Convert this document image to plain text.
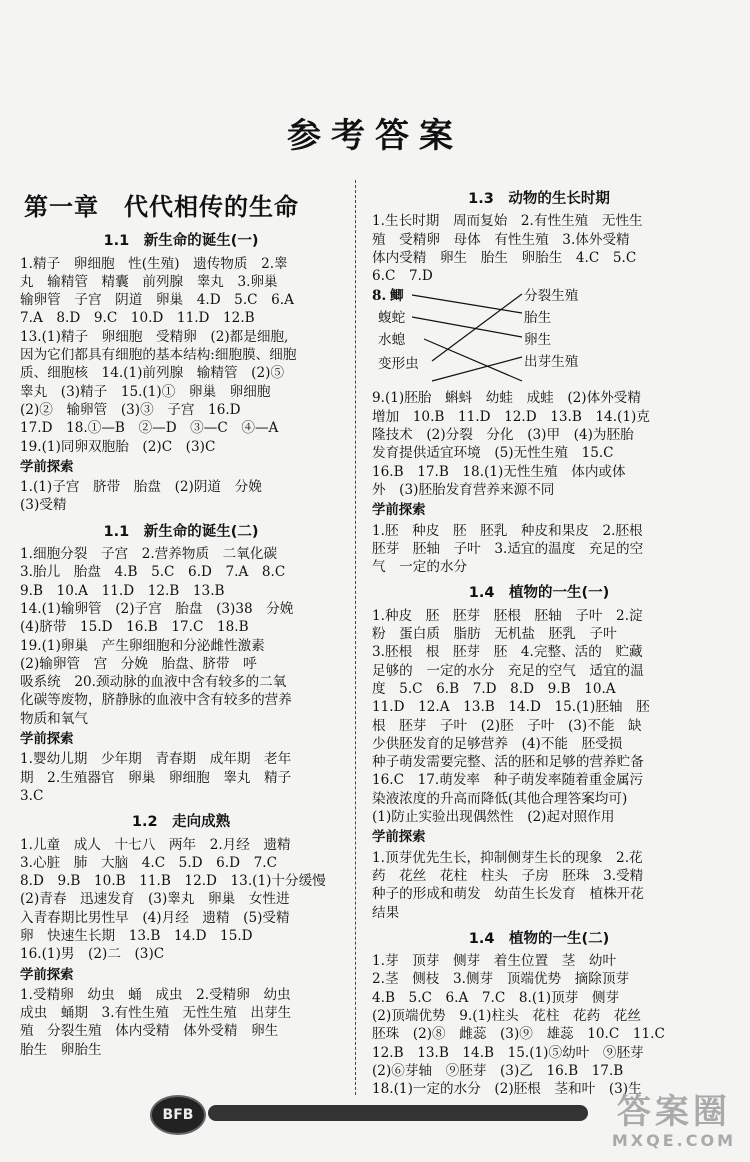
参考答案
第一章　代代相传的生命
1.1　新生命的诞生(一)
1.精子　卵细胞　性(生殖)　遗传物质　2.睾
丸　输精管　精囊　前列腺　睾丸　3.卵巢
输卵管　子宫　阴道　卵巢　4.D　5.C　6.A
7.A　8.D　9.C　10.D　11.D　12.B
13.(1)精子　卵细胞　受精卵　(2)都是细胞,
因为它们都具有细胞的基本结构:细胞膜、细胞
质、细胞核　14.(1)前列腺　输精管　(2)⑤
睾丸　(3)精子　15.(1)①　卵巢　卵细胞
(2)②　输卵管　(3)③　子宫　16.D
17.D　18.①—B　②—D　③—C　④—A
19.(1)同卵双胞胎　(2)C　(3)C
学前探索
1.(1)子宫　脐带　胎盘　(2)阴道　分娩
(3)受精
1.1　新生命的诞生(二)
1.细胞分裂　子宫　2.营养物质　二氧化碳
3.胎儿　胎盘　4.B　5.C　6.D　7.A　8.C
9.B　10.A　11.D　12.B　13.B
14.(1)输卵管　(2)子宫　胎盘　(3)38　分娩
(4)脐带　15.D　16.B　17.C　18.B
19.(1)卵巢　产生卵细胞和分泌雌性激素
(2)输卵管　宫　分娩　胎盘、脐带　呼
吸系统　20.颈动脉的血液中含有较多的二氧
化碳等废物，脐静脉的血液中含有较多的营养
物质和氧气
学前探索
1.婴幼儿期　少年期　青春期　成年期　老年
期　2.生殖器官　卵巢　卵细胞　睾丸　精子
3.C
1.2　走向成熟
1.儿童　成人　十七八　两年　2.月经　遗精
3.心脏　肺　大脑　4.C　5.D　6.D　7.C
8.D　9.B　10.B　11.B　12.D　13.(1)十分缓慢
(2)青春　迅速发育　(3)睾丸　卵巢　女性进
入青春期比男性早　(4)月经　遗精　(5)受精
卵　快速生长期　13.B　14.D　15.D
16.(1)男　(2)二　(3)C
学前探索
1.受精卵　幼虫　蛹　成虫　2.受精卵　幼虫
成虫　蛹期　3.有性生殖　无性生殖　出芽生
殖　分裂生殖　体内受精　体外受精　卵生
胎生　卵胎生
1.3　动物的生长时期
1.生长时期　周而复始　2.有性生殖　无性生
殖　受精卵　母体　有性生殖　3.体外受精
体内受精　卵生　胎生　卵胎生　4.C　5.C
6.C　7.D
8. 鲫
蝮蛇
水螅
变形虫
分裂生殖
胎生
卵生
出芽生殖
9.(1)胚胎　蝌蚪　幼蛙　成蛙　(2)体外受精
增加　10.B　11.D　12.D　13.B　14.(1)克
隆技术　(2)分裂　分化　(3)甲　(4)为胚胎
发育提供适宜环境　(5)无性生殖　15.C
16.B　17.B　18.(1)无性生殖　体内或体
外　(3)胚胎发育营养来源不同
学前探索
1.胚　种皮　胚　胚乳　种皮和果皮　2.胚根
胚芽　胚轴　子叶　3.适宜的温度　充足的空
气　一定的水分
1.4　植物的一生(一)
1.种皮　胚　胚芽　胚根　胚轴　子叶　2.淀
粉　蛋白质　脂肪　无机盐　胚乳　子叶
3.胚根　根　胚芽　胚　4.完整、活的　贮藏
足够的　一定的水分　充足的空气　适宜的温
度　5.C　6.B　7.D　8.D　9.B　10.A
11.D　12.A　13.B　14.D　15.(1)胚轴　胚
根　胚芽　子叶　(2)胚　子叶　(3)不能　缺
少供胚发育的足够营养　(4)不能　胚受损
种子萌发需要完整、活的胚和足够的营养贮备
16.C　17.萌发率　种子萌发率随着重金属污
染液浓度的升高而降低(其他合理答案均可)
(1)防止实验出现偶然性　(2)起对照作用
学前探索
1.顶芽优先生长，抑制侧芽生长的现象　2.花
药　花丝　花柱　柱头　子房　胚珠　3.受精
种子的形成和萌发　幼苗生长发育　植株开花
结果
1.4　植物的一生(二)
1.芽　顶芽　侧芽　着生位置　茎　幼叶
2.茎　侧枝　3.侧芽　顶端优势　摘除顶芽
4.B　5.C　6.A　7.C　8.(1)顶芽　侧芽
(2)顶端优势　9.(1)柱头　花柱　花药　花丝
胚珠　(2)⑧　雌蕊　(3)⑨　雄蕊　10.C　11.C
12.B　13.B　14.B　15.(1)⑤幼叶　⑨胚芽
(2)⑥芽轴　⑨胚芽　(3)乙　16.B　17.B
18.(1)一定的水分　(2)胚根　茎和叶　(3)生
BFB	答案圈
MXQE.COM
